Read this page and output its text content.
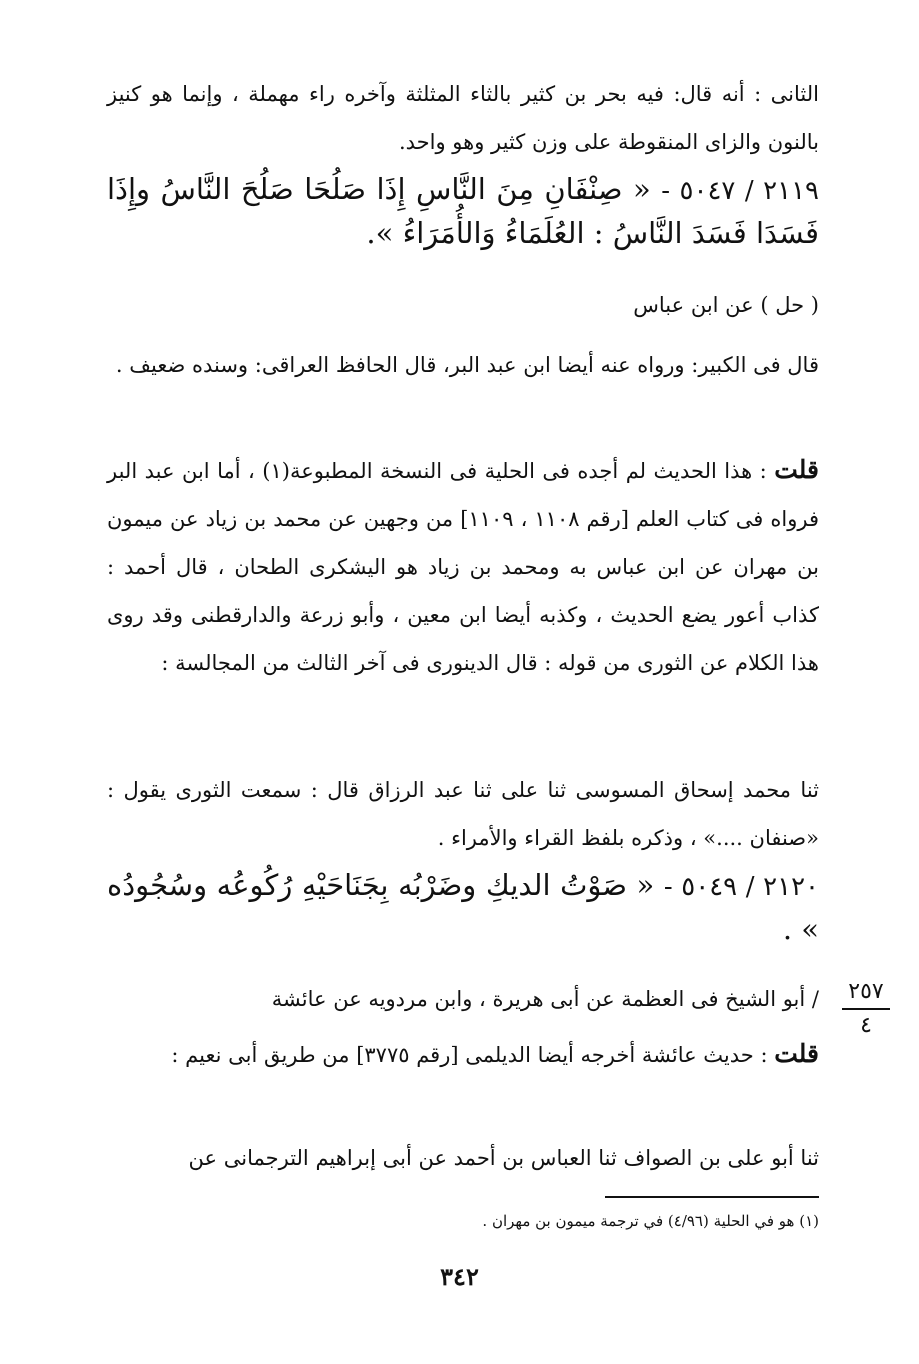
الثانى : أنه قال: فيه بحر بن كثير بالثاء المثلثة وآخره راء مهملة ، وإنما هو كنيز بالنون والزاى المنقوطة على وزن كثير وهو واحد.
٢١١٩ / ٥٠٤٧ - « صِنْفَانِ مِنَ النَّاسِ إِذَا صَلُحَا صَلُحَ النَّاسُ وإِذَا فَسَدَا فَسَدَ النَّاسُ : العُلَمَاءُ وَالأُمَرَاءُ ».
( حل ) عن ابن عباس
قال فى الكبير: ورواه عنه أيضا ابن عبد البر، قال الحافظ العراقى: وسنده ضعيف .
قلت : هذا الحديث لم أجده فى الحلية فى النسخة المطبوعة(١) ، أما ابن عبد البر فرواه فى كتاب العلم [رقم ١١٠٨ ، ١١٠٩] من وجهين عن محمد بن زياد عن ميمون بن مهران عن ابن عباس به ومحمد بن زياد هو اليشكرى الطحان ، قال أحمد : كذاب أعور يضع الحديث ، وكذبه أيضا ابن معين ، وأبو زرعة والدارقطنى وقد روى هذا الكلام عن الثورى من قوله : قال الدينورى فى آخر الثالث من المجالسة :
ثنا محمد إسحاق المسوسى ثنا على ثنا عبد الرزاق قال : سمعت الثورى يقول : «صنفان ....» ، وذكره بلفظ القراء والأمراء .
٢١٢٠ / ٥٠٤٩ - « صَوْتُ الديكِ وضَرْبُه بِجَنَاحَيْهِ رُكُوعُه وسُجُودُه » .
/ أبو الشيخ فى العظمة عن أبى هريرة ، وابن مردويه عن عائشة
قلت : حديث عائشة أخرجه أيضا الديلمى [رقم ٣٧٧٥] من طريق أبى نعيم :
ثنا أبو على بن الصواف ثنا العباس بن أحمد عن أبى إبراهيم الترجمانى عن
٢٥٧
٤
(١) هو في الحلية (٤/٩٦) في ترجمة ميمون بن مهران .
٣٤٢
